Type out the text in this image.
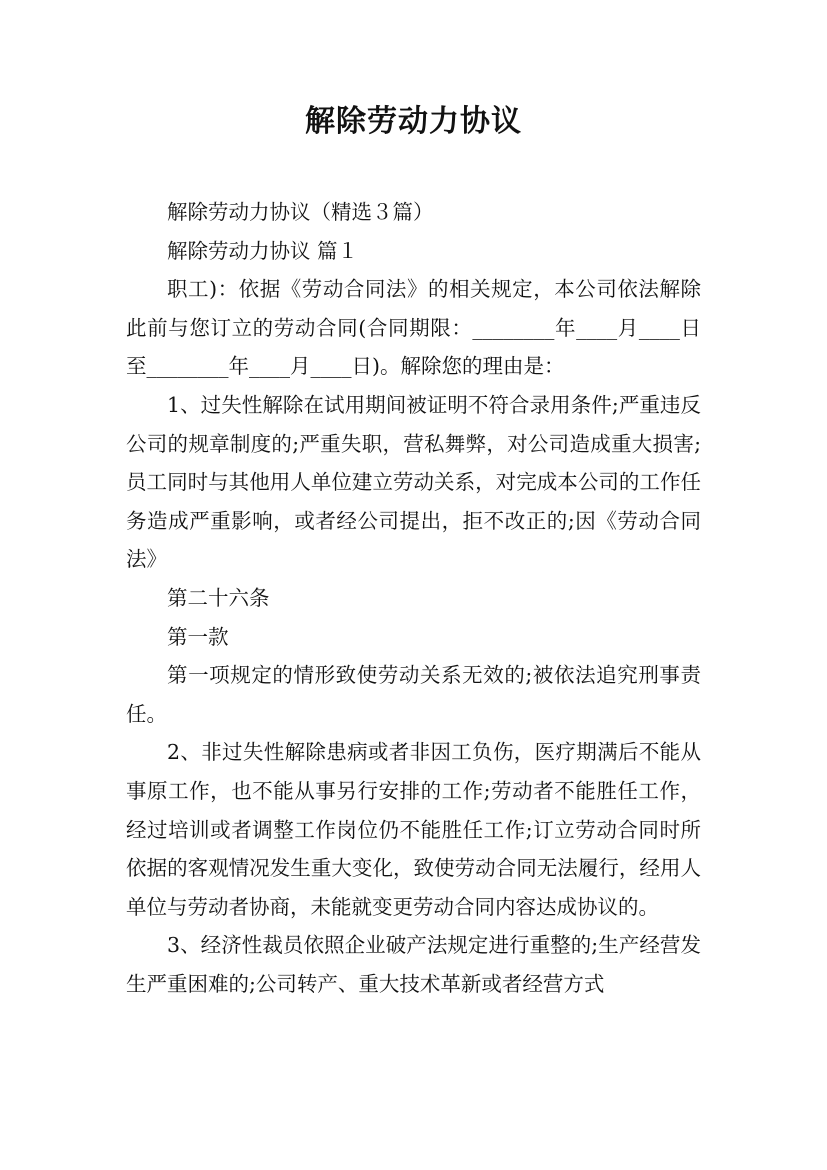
解除劳动力协议

解除劳动力协议（精选３篇）

解除劳动力协议 篇１

职工)：依据《劳动合同法》的相关规定，本公司依法解除此前与您订立的劳动合同(合同期限：________年____月____日至________年____月____日)。解除您的理由是：

1、过失性解除在试用期间被证明不符合录用条件;严重违反公司的规章制度的;严重失职，营私舞弊，对公司造成重大损害;员工同时与其他用人单位建立劳动关系，对完成本公司的工作任务造成严重影响，或者经公司提出，拒不改正的;因《劳动合同法》

第二十六条

第一款

第一项规定的情形致使劳动关系无效的;被依法追究刑事责任。

2、非过失性解除患病或者非因工负伤，医疗期满后不能从事原工作，也不能从事另行安排的工作;劳动者不能胜任工作，经过培训或者调整工作岗位仍不能胜任工作;订立劳动合同时所依据的客观情况发生重大变化，致使劳动合同无法履行，经用人单位与劳动者协商，未能就变更劳动合同内容达成协议的。

3、经济性裁员依照企业破产法规定进行重整的;生产经营发生严重困难的;公司转产、重大技术革新或者经营方式
